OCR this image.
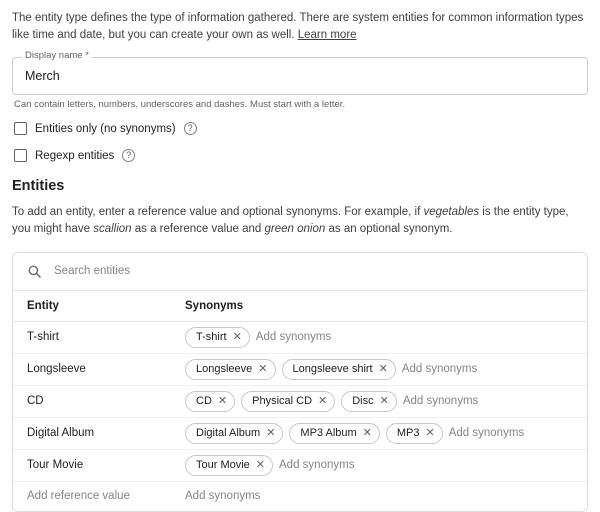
The entity type defines the type of information gathered. There are system entities for common information types like time and date, but you can create your own as well. Learn more

Display name *
Merch
Can contain letters, numbers, underscores and dashes. Must start with a letter.
Entities only (no synonyms)	?
Regexp entities	?
Entities

To add an entity, enter a reference value and optional synonyms. For example, if vegetables is the entity type, you might have scallion as a reference value and green onion as an optional synonym.

Search entities
Entity	Synonyms
T-shirt	T-shirt ✕ Add synonyms
Longsleeve	Longsleeve ✕ Longsleeve shirt ✕ Add synonyms
CD	CD ✕ Physical CD ✕ Disc ✕ Add synonyms
Digital Album	Digital Album ✕ MP3 Album ✕ MP3 ✕ Add synonyms
Tour Movie	Tour Movie ✕ Add synonyms
Add reference value	Add synonyms
